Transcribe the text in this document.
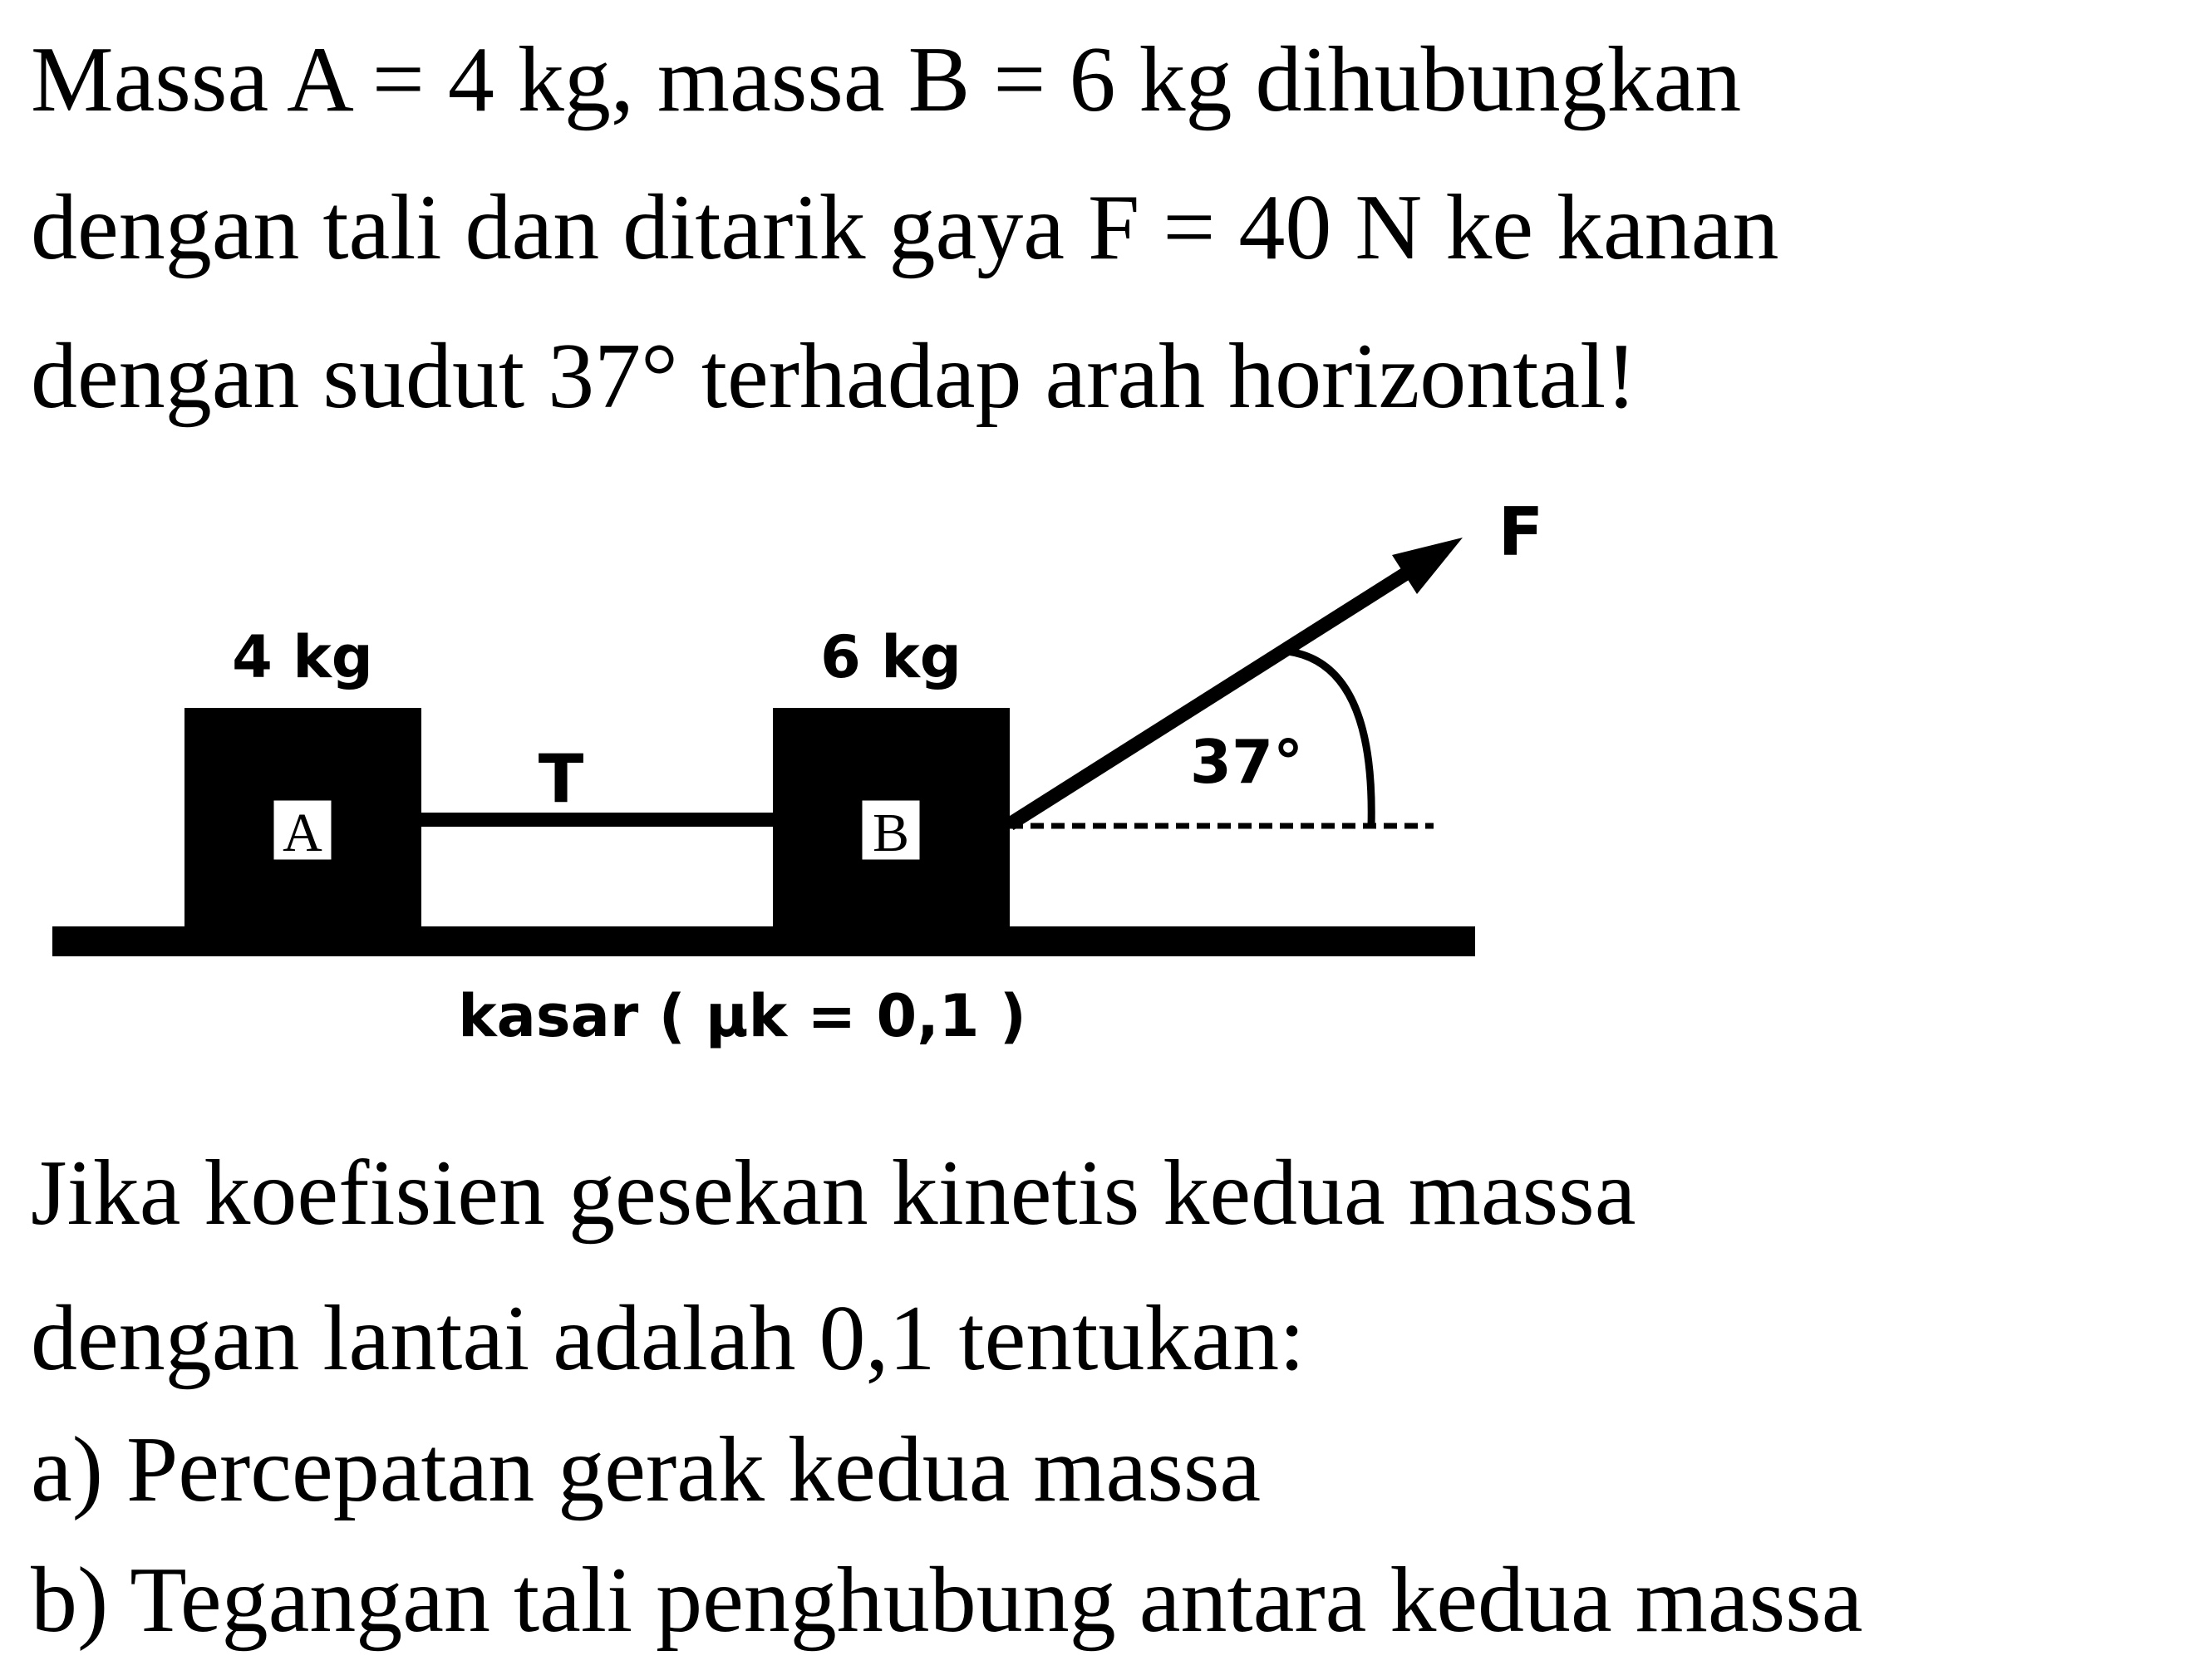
Massa A = 4 kg, massa B = 6 kg dihubungkan
dengan tali dan ditarik gaya F = 40 N ke kanan
dengan sudut 37° terhadap arah horizontal!
A
4 kg
T
B
6 kg
F
37°
kasar ( μk = 0,1 )
Jika koefisien gesekan kinetis kedua massa
dengan lantai adalah 0,1 tentukan:
a) Percepatan gerak kedua massa
b) Tegangan tali penghubung antara kedua massa
